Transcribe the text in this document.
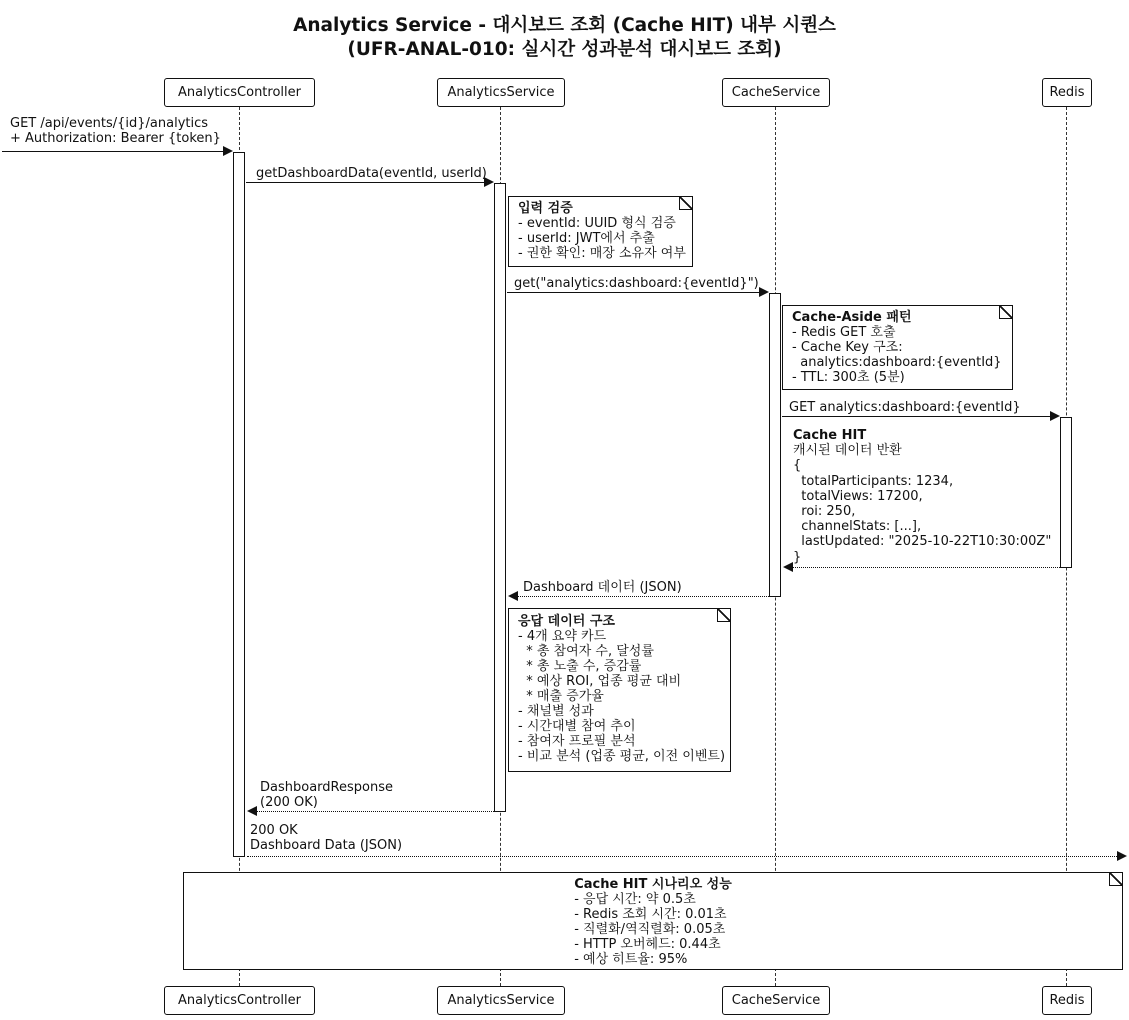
Analytics Service - 대시보드 조회 (Cache HIT) 내부 시퀀스
(UFR-ANAL-010: 실시간 성과분석 대시보드 조회)
AnalyticsController	AnalyticsService	CacheService	Redis
GET /api/events/{id}/analytics
+ Authorization: Bearer {token}
getDashboardData(eventId, userId)
입력 검증
- eventId: UUID 형식 검증
- userId: JWT에서 추출
- 권한 확인: 매장 소유자 여부
get("analytics:dashboard:{eventId}")
Cache-Aside 패턴
- Redis GET 호출
- Cache Key 구조:
analytics:dashboard:{eventId}
- TTL: 300초 (5분)
GET analytics:dashboard:{eventId}
Cache HIT
캐시된 데이터 반환
{
totalParticipants: 1234,
totalViews: 17200,
roi: 250,
channelStats: [...],
lastUpdated: "2025-10-22T10:30:00Z"
}
Dashboard 데이터 (JSON)
응답 데이터 구조
- 4개 요약 카드
* 총 참여자 수, 달성률
* 총 노출 수, 증감률
* 예상 ROI, 업종 평균 대비
* 매출 증가율
- 채널별 성과
- 시간대별 참여 추이
- 참여자 프로필 분석
- 비교 분석 (업종 평균, 이전 이벤트)
DashboardResponse
(200 OK)
200 OK
Dashboard Data (JSON)
Cache HIT 시나리오 성능
- 응답 시간: 약 0.5초
- Redis 조회 시간: 0.01초
- 직렬화/역직렬화: 0.05초
- HTTP 오버헤드: 0.44초
- 예상 히트율: 95%
AnalyticsController	AnalyticsService	CacheService	Redis
